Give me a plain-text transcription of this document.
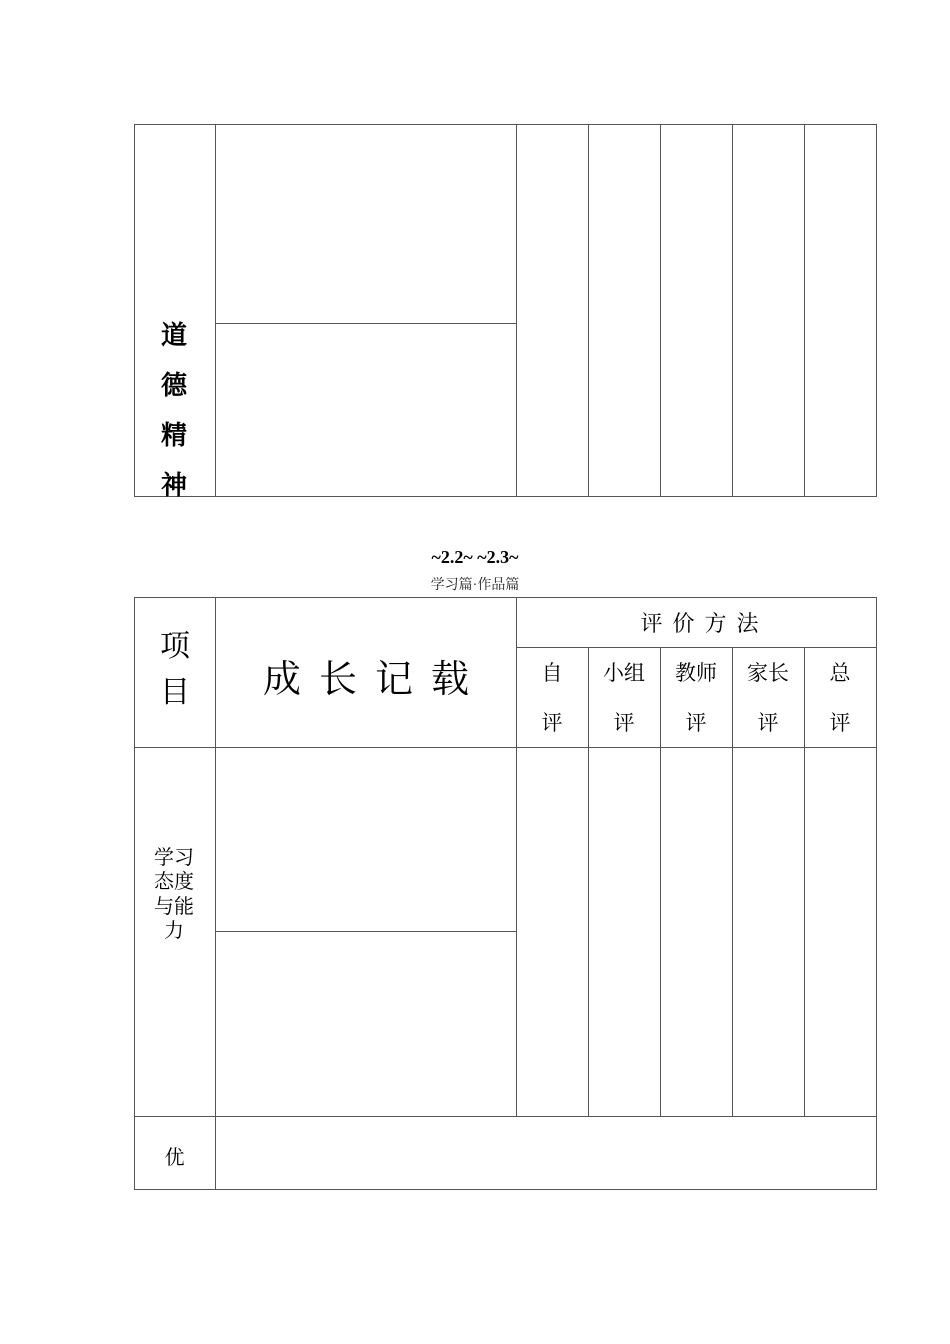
道德精神
~2.2~ ~2.3~
学习篇·作品篇
项目	成长记载
评价方法
自
评
小组
评
教师
评
家长
评
总
评
学习态度与能力
优
